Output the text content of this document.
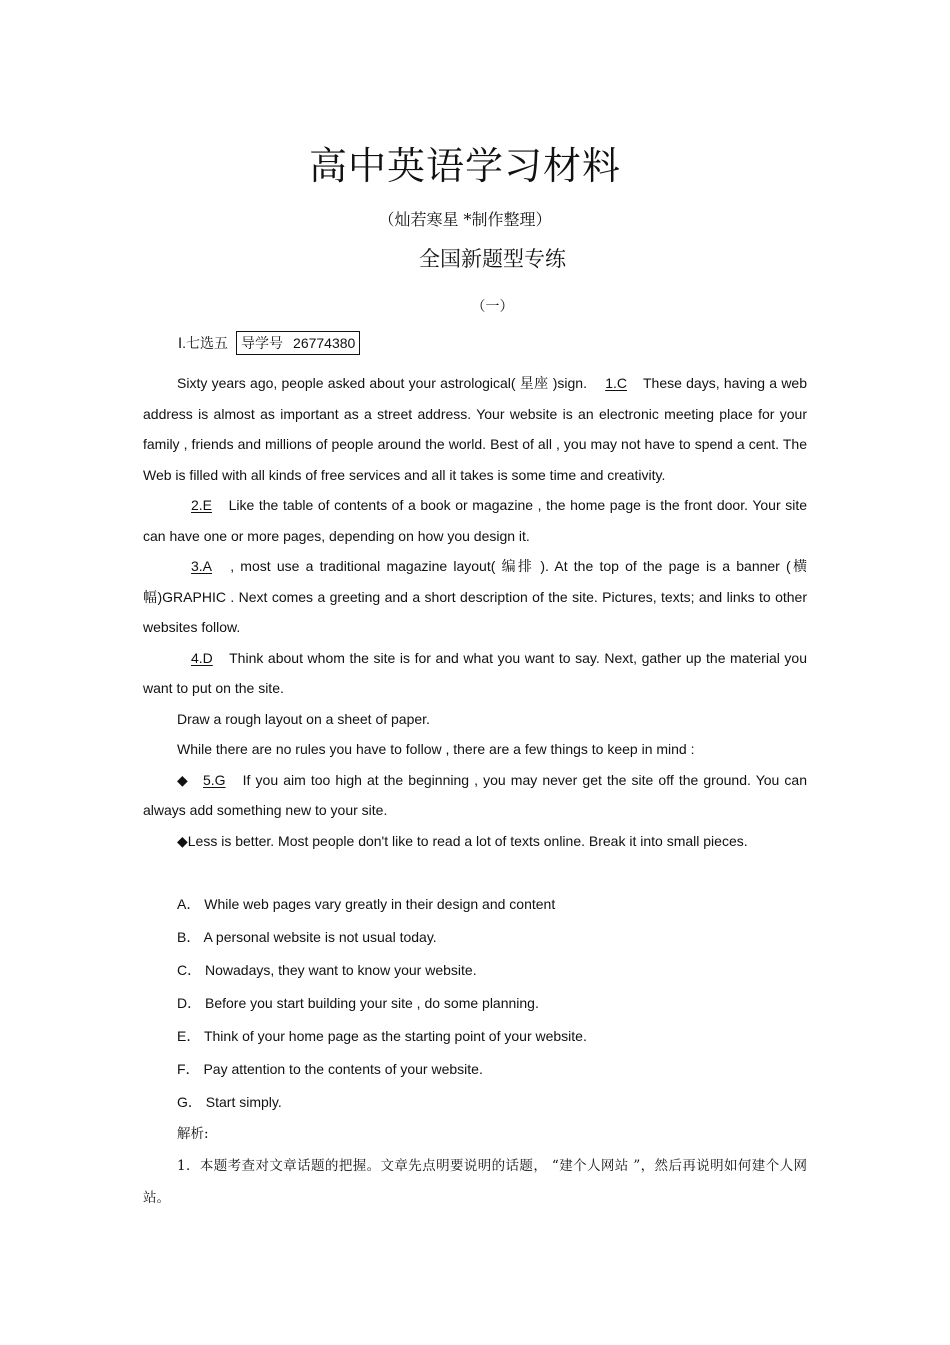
高中英语学习材料
（灿若寒星 *制作整理）
全国新题型专练
（一）
Ⅰ.七选五 导学号 26774380

Sixty years ago, people asked about your astrological( 星座 )sign. 1.C These days, having a web address is almost as important as a street address. Your website is an electronic meeting place for your family , friends and millions of people around the world. Best of all , you may not have to spend a cent. The Web is filled with all kinds of free services and all it takes is some time and creativity.

2.E Like the table of contents of a book or magazine , the home page is the front door. Your site can have one or more pages, depending on how you design it.

3.A , most use a traditional magazine layout( 编排 ). At the top of the page is a banner (横幅)GRAPHIC . Next comes a greeting and a short description of the site. Pictures, texts; and links to other websites follow.

4.D Think about whom the site is for and what you want to say. Next, gather up the material you want to put on the site.

Draw a rough layout on a sheet of paper.

While there are no rules you have to follow , there are a few things to keep in mind :

◆ 5.G If you aim too high at the beginning , you may never get the site off the ground. You can always add something new to your site.

◆Less is better. Most people don't like to read a lot of texts online. Break it into small pieces.

A． While web pages vary greatly in their design and content
B． A personal website is not usual today.
C． Nowadays, they want to know your website.
D． Before you start building your site , do some planning.
E． Think of your home page as the starting point of your website.
F． Pay attention to the contents of your website.
G． Start simply.

解析:

1．本题考查对文章话题的把握。文章先点明要说明的话题， “建个人网站 ”，然后再说明如何建个人网站。
